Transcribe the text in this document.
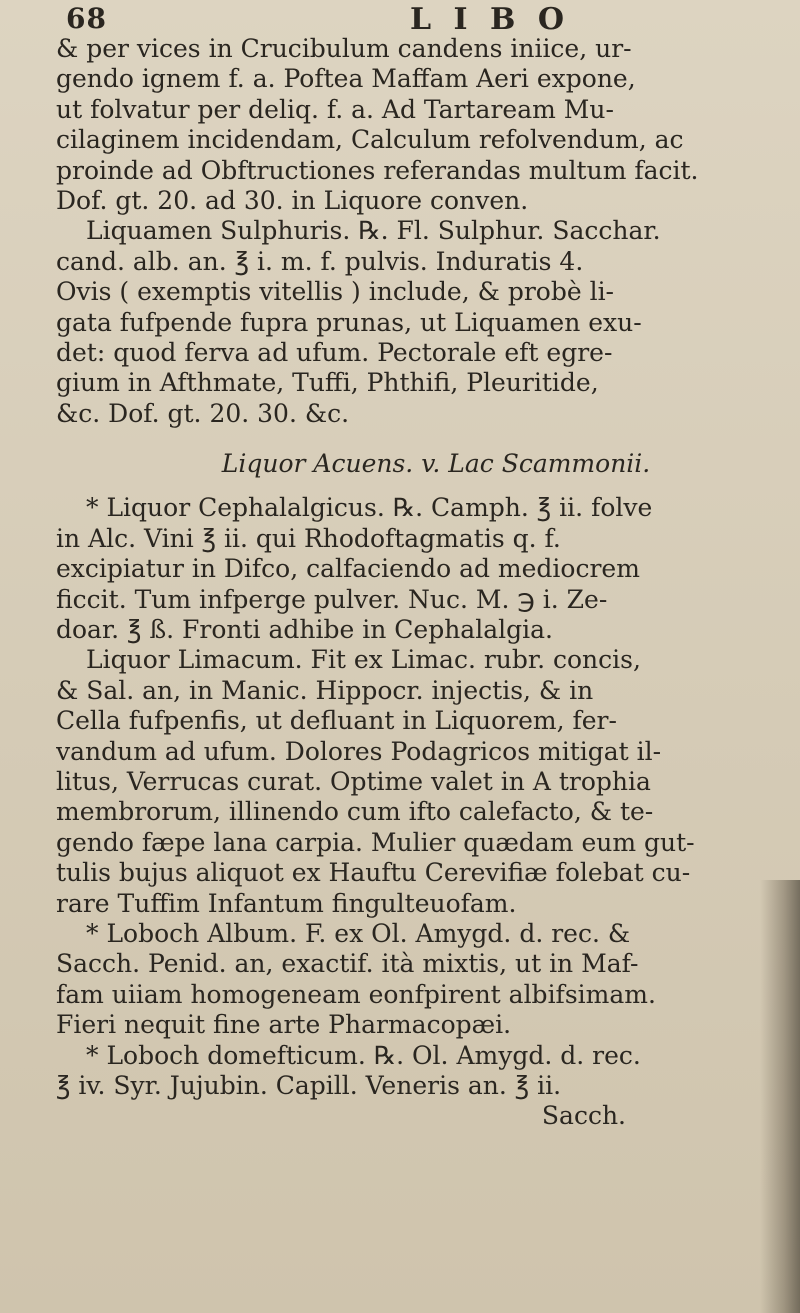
68	L I B O
& per vices in Crucibulum candens iniice, ur-
gendo ignem f. a. Poftea Maffam Aeri expone,
ut folvatur per deliq. f. a. Ad Tartaream Mu-
cilaginem incidendam, Calculum refolvendum, ac
proinde ad Obftructiones referandas multum facit.
Dof. gt. 20. ad 30. in Liquore conven.
Liquamen Sulphuris. ℞. Fl. Sulphur. Sacchar.
cand. alb. an. ℥ i. m. f. pulvis. Induratis 4.
Ovis ( exemptis vitellis ) include, & probè li-
gata fufpende fupra prunas, ut Liquamen exu-
det: quod ferva ad ufum. Pectorale eft egre-
gium in Afthmate, Tuffi, Phthifi, Pleuritide,
&c. Dof. gt. 20. 30. &c.
Liquor Acuens. v. Lac Scammonii.
* Liquor Cephalalgicus. ℞. Camph. ℥ ii. folve
in Alc. Vini ℥ ii. qui Rhodoftagmatis q. f.
excipiatur in Difco, calfaciendo ad mediocrem
ficcit. Tum infperge pulver. Nuc. M. ℈ i. Ze-
doar. ℥ ß. Fronti adhibe in Cephalalgia.
Liquor Limacum. Fit ex Limac. rubr. concis,
& Sal. an, in Manic. Hippocr. injectis, & in
Cella fufpenfis, ut defluant in Liquorem, fer-
vandum ad ufum. Dolores Podagricos mitigat il-
litus, Verrucas curat. Optime valet in A trophia
membrorum, illinendo cum ifto calefacto, & te-
gendo fæpe lana carpia. Mulier quædam eum gut-
tulis bujus aliquot ex Hauftu Cerevifiæ folebat cu-
rare Tuffim Infantum fingulteuofam.
* Loboch Album. F. ex Ol. Amygd. d. rec. &
Sacch. Penid. an, exactif. ità mixtis, ut in Maf-
fam uiiam homogeneam eonfpirent albifsimam.
Fieri nequit fine arte Pharmacopæi.
* Loboch domefticum. ℞. Ol. Amygd. d. rec.
℥ iv. Syr. Jujubin. Capill. Veneris an. ℥ ii.
Sacch.
